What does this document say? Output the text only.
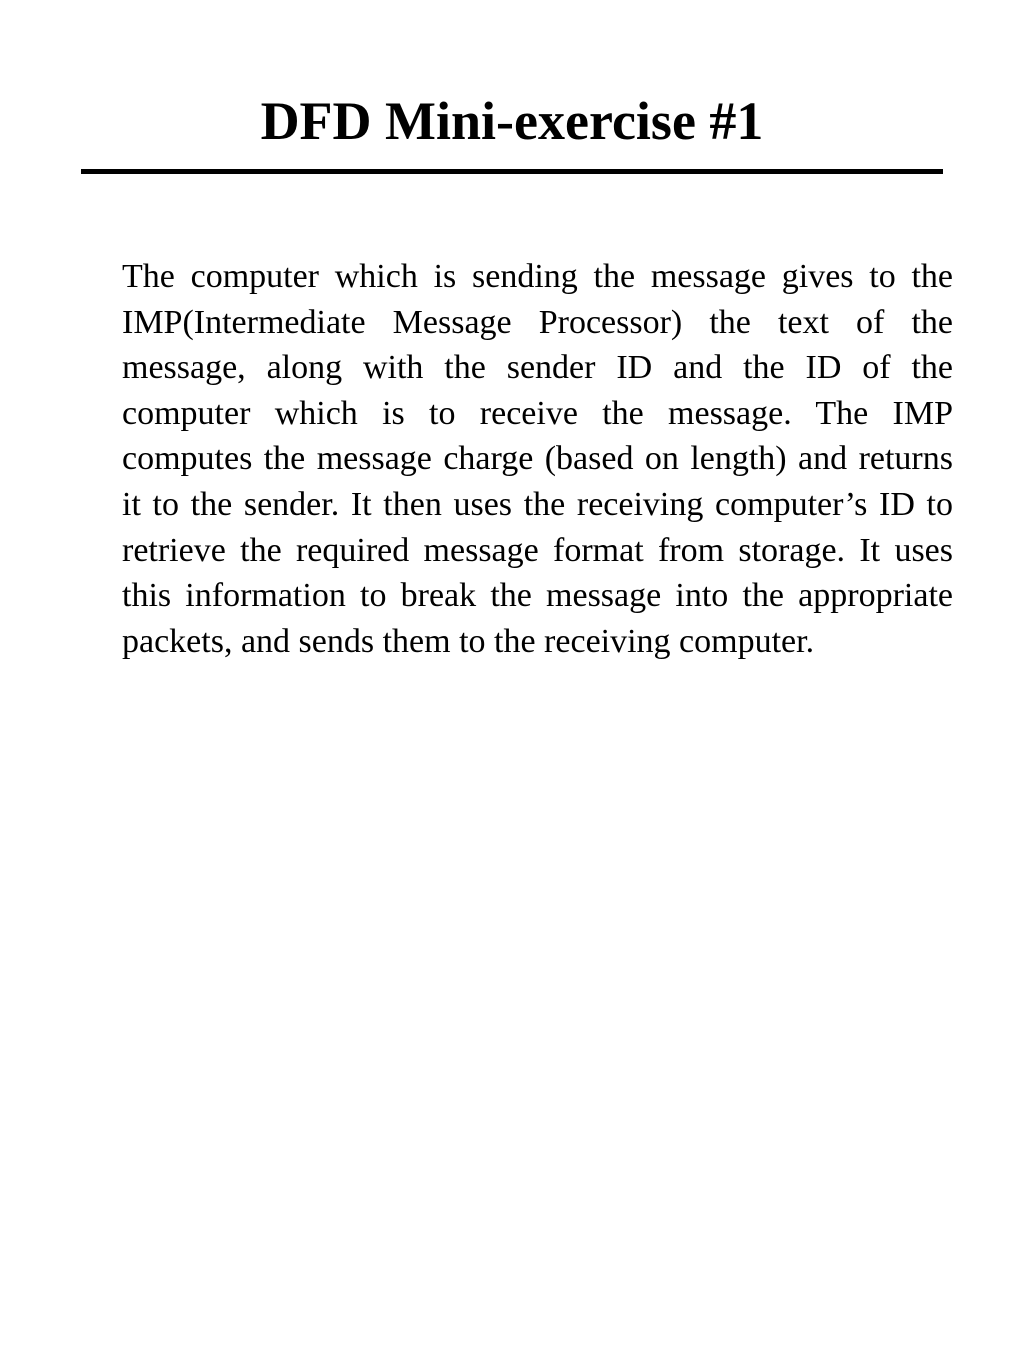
DFD Mini-exercise #1

The computer which is sending the message gives to the IMP(Intermediate Message Processor) the text of the message, along with the sender ID and the ID of the computer which is to receive the message. The IMP computes the message charge (based on length) and returns it to the sender. It then uses the receiving computer’s ID to retrieve the required message format from storage. It uses this information to break the message into the appropriate packets, and sends them to the receiving computer.
